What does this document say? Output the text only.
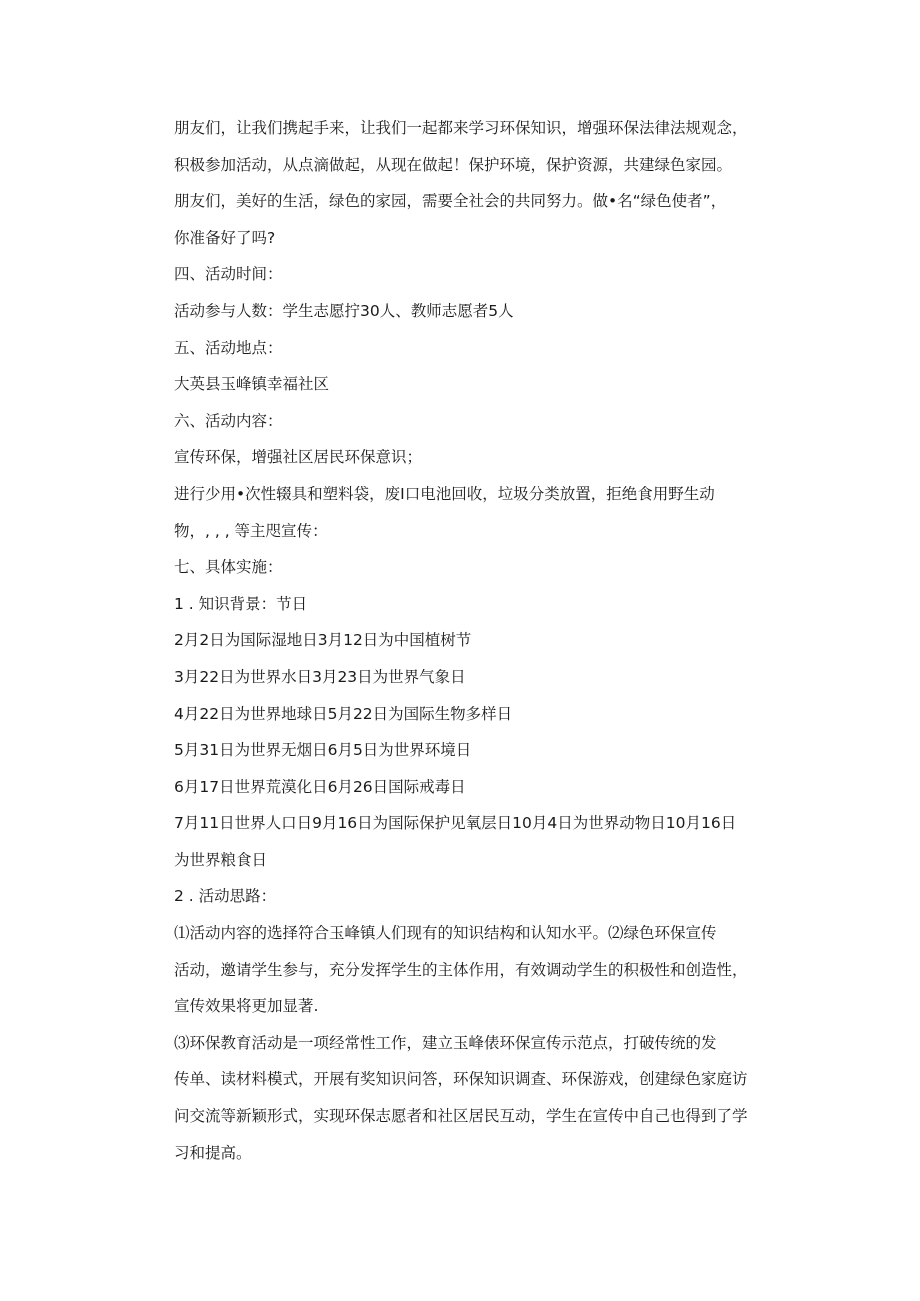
朋友们，让我们携起手来，让我们一起都来学习环保知识，增强环保法律法规观念，
积极参加活动，从点滴做起，从现在做起！保护环境，保护资源，共建绿色家园。
朋友们，美好的生活，绿色的家园，需要全社会的共同努力。做•名“绿色使者”，
你准备好了吗?
四、活动时间：
活动参与人数：学生志愿拧30人、教师志愿者5人
五、活动地点：
大英县玉峰镇幸福社区
六、活动内容：
宣传环保，增强社区居民环保意识；
进行少用•次性辍具和塑料袋，废I口电池回收，垃圾分类放置，拒绝食用野生动
物，, , , 等主咫宣传：
七、具体实施：
1 . 知识背景：节日
2月2日为国际湿地日3月12日为中国植树节
3月22日为世界水日3月23日为世界气象日
4月22日为世界地球日5月22日为国际生物多样日
5月31日为世界无烟日6月5日为世界环境日
6月17日世界荒漠化日6月26日国际戒毒日
7月11日世界人口日9月16日为国际保护见氧层日10月4日为世界动物日10月16日
为世界粮食日
2 . 活动思路：
⑴活动内容的选择符合玉峰镇人们现有的知识结构和认知水平。⑵绿色环保宣传
活动，邀请学生参与，充分发挥学生的主体作用，有效调动学生的积极性和创造性，
宣传效果将更加显著.
⑶环保教育活动是一项经常性工作，建立玉峰俵环保宣传示范点，打破传统的发
传单、读材料模式，开展有奖知识问答，环保知识调查、环保游戏，创建绿色家庭访
问交流等新颖形式，实现环保志愿者和社区居民互动，学生在宣传中自己也得到了学
习和提高。
